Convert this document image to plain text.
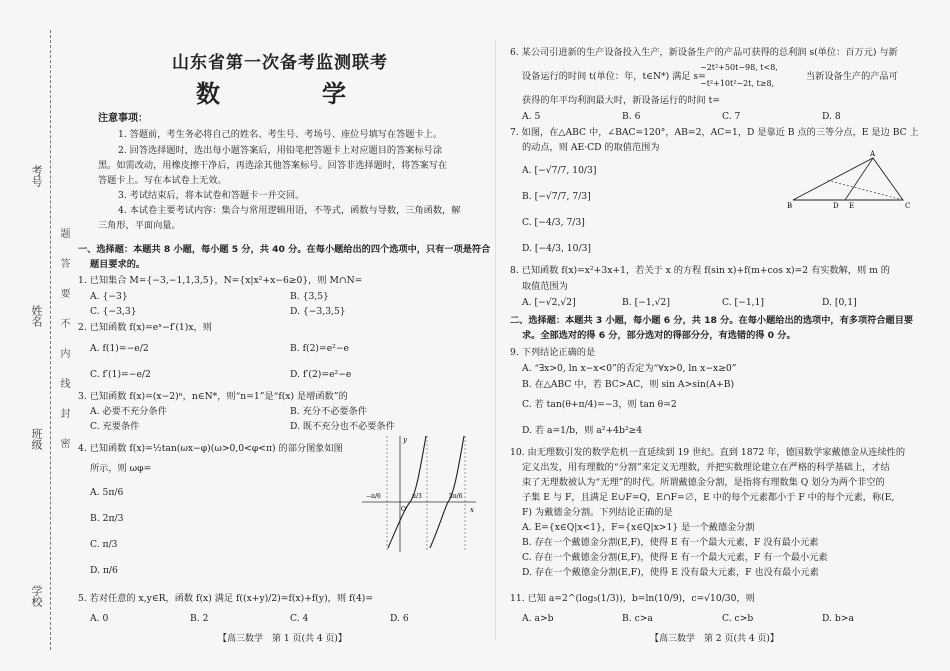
考号
姓名
班级
学校
题
答
要
不
内
线
封
密
山东省第一次备考监测联考
数　　学
注意事项：
1. 答题前，考生务必将自己的姓名、考生号、考场号、座位号填写在答题卡上。
2. 回答选择题时，选出每小题答案后，用铅笔把答题卡上对应题目的答案标号涂
黑。如需改动，用橡皮擦干净后，再选涂其他答案标号。回答非选择题时，将答案写在
答题卡上。写在本试卷上无效。
3. 考试结束后，将本试卷和答题卡一并交回。
4. 本试卷主要考试内容：集合与常用逻辑用语，不等式，函数与导数，三角函数，解
三角形，平面向量。
一、选择题：本题共 8 小题，每小题 5 分，共 40 分。在每小题给出的四个选项中，只有一项是符合
题目要求的。
1. 已知集合 M={−3,−1,1,3,5}，N={x|x²+x−6≥0}，则 M∩N=
A. {−3}	B. {3,5}
C. {−3,3}	D. {−3,3,5}
2. 已知函数 f(x)=eˣ−f′(1)x，则
A. f(1)=−e/2	B. f(2)=e²−e
C. f′(1)=−e/2	D. f′(2)=e²−e
3. 已知函数 f(x)=(x−2)ⁿ，n∈N*，则“n=1”是“f(x) 是增函数”的
A. 必要不充分条件	B. 充分不必要条件
C. 充要条件	D. 既不充分也不必要条件
4. 已知函数 f(x)=½tan(ωx−φ)(ω>0,0<φ<π) 的部分图象如图
所示，则 ωφ=
A. 5π/6
B. 2π/3
C. π/3
D. π/6
y
x
O
−π/6	π/3	5π/6
5. 若对任意的 x,y∈R，函数 f(x) 满足 f((x+y)/2)=f(x)+f(y)，则 f(4)=
A. 0	B. 2	C. 4	D. 6
【高三数学　第 1 页(共 4 页)】
6. 某公司引进新的生产设备投入生产，新设备生产的产品可获得的总利润 s(单位：百万元) 与新
设备运行的时间 t(单位：年，t∈N*) 满足 s=
−2t²+50t−98, t<8,
−t²+10t²−2t, t≥8,
当新设备生产的产品可
获得的年平均利润最大时，新设备运行的时间 t=
A. 5	B. 6	C. 7	D. 8
7. 如图，在△ABC 中，∠BAC=120°，AB=2，AC=1，D 是靠近 B 点的三等分点，E 是边 BC 上
的动点，则 AE·CD 的取值范围为
A. [−√7/7, 10/3]
B. [−√7/7, 7/3]
C. [−4/3, 7/3]
D. [−4/3, 10/3]
A
B	C
D E
8. 已知函数 f(x)=x²+3x+1，若关于 x 的方程 f(sin x)+f(m+cos x)=2 有实数解，则 m 的
取值范围为
A. [−√2,√2]	B. [−1,√2]	C. [−1,1]	D. [0,1]
二、选择题：本题共 3 小题，每小题 6 分，共 18 分。在每小题给出的选项中，有多项符合题目要
求。全部选对的得 6 分，部分选对的得部分分，有选错的得 0 分。
9. 下列结论正确的是
A. “∃x>0, ln x−x<0”的否定为“∀x>0, ln x−x≥0”
B. 在△ABC 中，若 BC>AC，则 sin A>sin(A+B)
C. 若 tan(θ+π/4)=−3，则 tan θ=2
D. 若 a=1/b，则 a²+4b²≥4
10. 由无理数引发的数学危机一直延续到 19 世纪。直到 1872 年，德国数学家戴德金从连续性的
定义出发，用有理数的“分割”来定义无理数，并把实数理论建立在严格的科学基础上，才结
束了无理数被认为“无理”的时代。所谓戴德金分割，是指将有理数集 Q 划分为两个非空的
子集 E 与 F，且满足 E∪F=Q，E∩F=∅，E 中的每个元素都小于 F 中的每个元素，称(E,
F) 为戴德金分割。下列结论正确的是
A. E={x∈Q|x<1}，F={x∈Q|x>1} 是一个戴德金分割
B. 存在一个戴德金分割(E,F)，使得 E 有一个最大元素，F 没有最小元素
C. 存在一个戴德金分割(E,F)，使得 E 有一个最大元素，F 有一个最小元素
D. 存在一个戴德金分割(E,F)，使得 E 没有最大元素，F 也没有最小元素
11. 已知 a=2^(log₅(1/3))，b=ln(10/9)，c=√10/30，则
A. a>b	B. c>a	C. c>b	D. b>a
【高三数学　第 2 页(共 4 页)】
